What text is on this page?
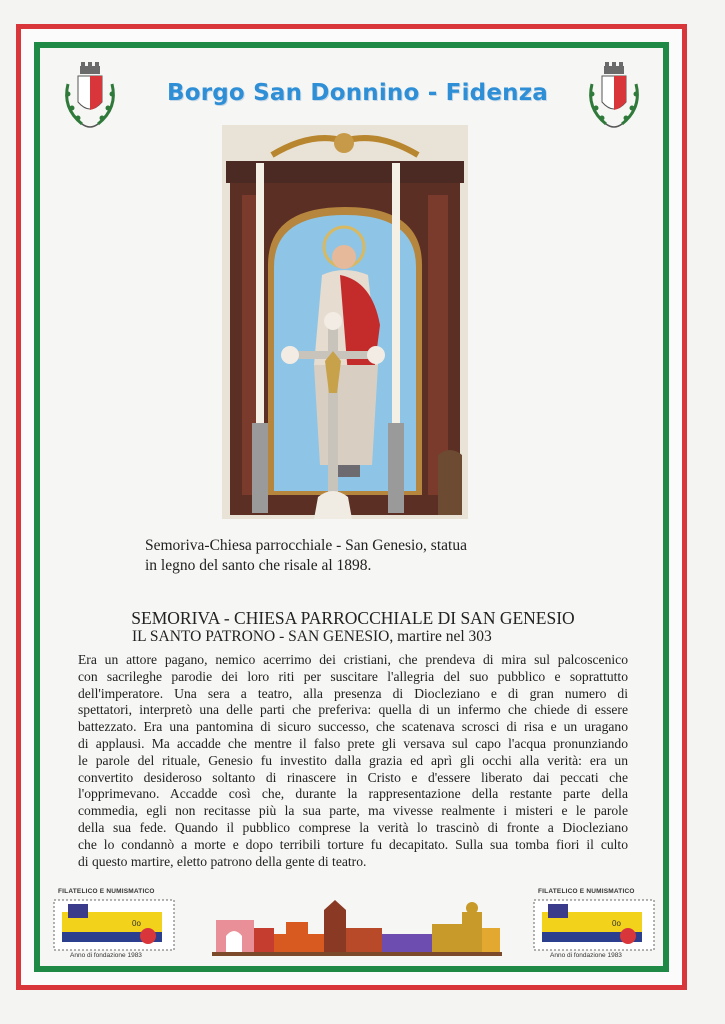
Borgo San Donnino - Fidenza
Semoriva-Chiesa parrocchiale - San Genesio, statua
in legno del santo che risale al 1898.
SEMORIVA - CHIESA PARROCCHIALE DI SAN GENESIO
IL SANTO PATRONO - SAN GENESIO, martire nel 303
Era un attore pagano, nemico acerrimo dei cristiani, che prendeva di mira sul palcoscenico
con sacrileghe parodie dei loro riti per suscitare l'allegria del suo pubblico e soprattutto
dell'imperatore. Una sera a teatro, alla presenza di Diocleziano e di gran numero di
spettatori, interpretò una delle parti che preferiva: quella di un infermo che chiede di essere
battezzato. Era una pantomina di sicuro successo, che scatenava scrosci di risa e un uragano
di applausi. Ma accadde che mentre il falso prete gli versava sul capo l'acqua pronunziando
le parole del rituale, Genesio fu investito dalla grazia ed aprì gli occhi alla verità: era un
convertito desideroso soltanto di rinascere in Cristo e d'essere liberato dai peccati che
l'opprimevano. Accadde così che, durante la rappresentazione della restante parte della
commedia, egli non recitasse più la sua parte, ma vivesse realmente i misteri e le parole
della sua fede. Quando il pubblico comprese la verità lo trascinò di fronte a Diocleziano
che lo condannò a morte e dopo terribili torture fu decapitato. Sulla sua tomba fiori il culto
di questo martire, eletto patrono della gente di teatro.
FILATELICO E NUMISMATICO
0o
Anno di fondazione 1983
FILATELICO E NUMISMATICO
0o
Anno di fondazione 1983
